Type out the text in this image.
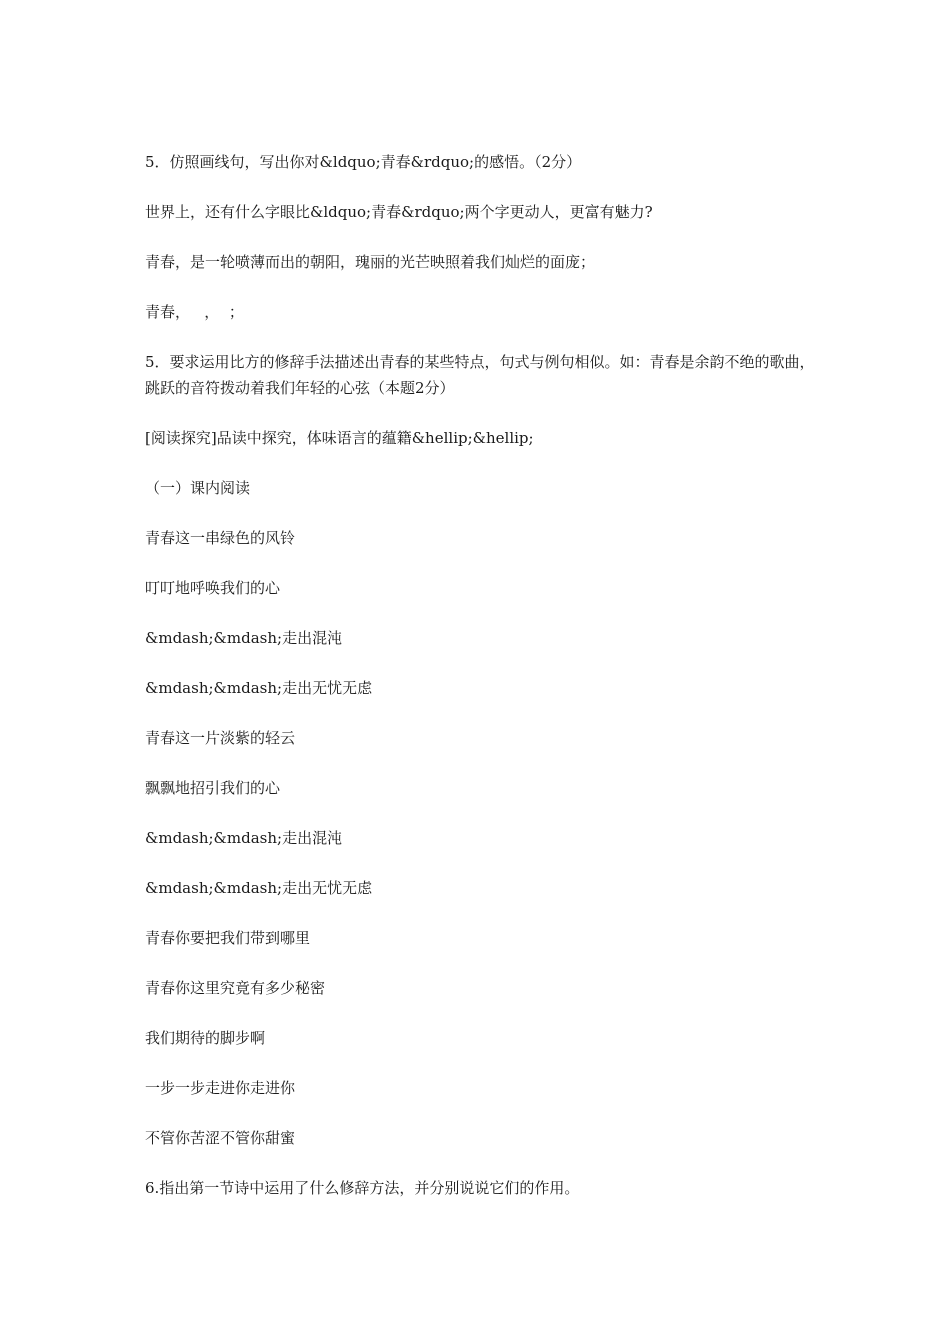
5．仿照画线句，写出你对&ldquo;青春&rdquo;的感悟。（2分）

世界上，还有什么字眼比&ldquo;青春&rdquo;两个字更动人，更富有魅力?

青春，是一轮喷薄而出的朝阳，瑰丽的光芒映照着我们灿烂的面庞；

青春，   ，  ；

5．要求运用比方的修辞手法描述出青春的某些特点，句式与例句相似。如：青春是余韵不绝的歌曲，跳跃的音符拨动着我们年轻的心弦（本题2分）

[阅读探究]品读中探究，体味语言的蕴籍&hellip;&hellip;

（一）课内阅读

青春这一串绿色的风铃

叮叮地呼唤我们的心

&mdash;&mdash;走出混沌

&mdash;&mdash;走出无忧无虑

青春这一片淡紫的轻云

飘飘地招引我们的心

&mdash;&mdash;走出混沌

&mdash;&mdash;走出无忧无虑

青春你要把我们带到哪里

青春你这里究竟有多少秘密

我们期待的脚步啊

一步一步走进你走进你

不管你苦涩不管你甜蜜

6.指出第一节诗中运用了什么修辞方法，并分别说说它们的作用。
